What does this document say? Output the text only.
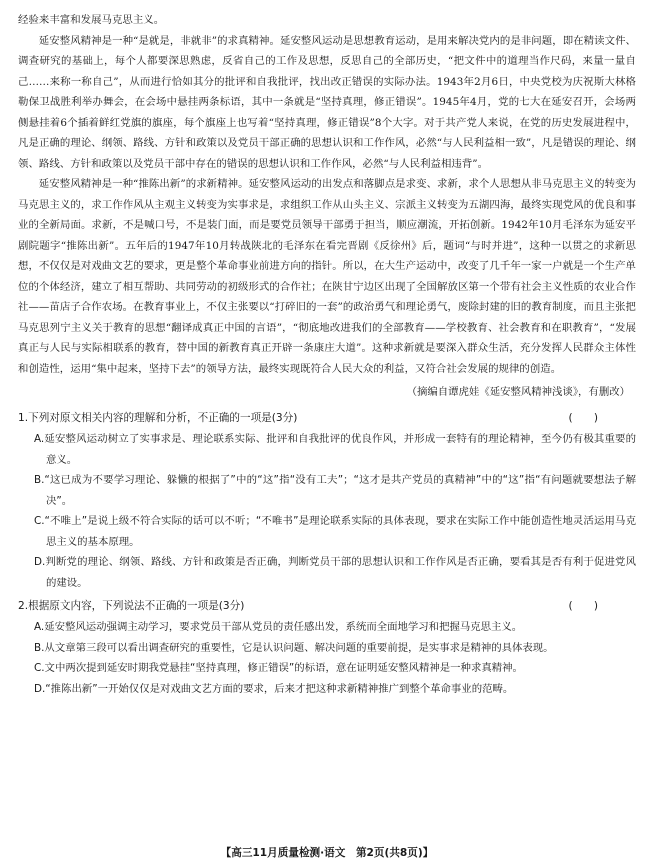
经验来丰富和发展马克思主义。

延安整风精神是一种“是就是，非就非”的求真精神。延安整风运动是思想教育运动，是用来解决党内的是非问题，即在精读文件、调查研究的基础上，每个人都要深思熟虑，反省自己的工作及思想，反思自己的全部历史，“把文件中的道理当作尺码，来量一量自己……来称一称自己”，从而进行恰如其分的批评和自我批评，找出改正错误的实际办法。1943年2月6日，中央党校为庆祝斯大林格勒保卫战胜利举办舞会，在会场中悬挂两条标语，其中一条就是“坚持真理，修正错误”。1945年4月，党的七大在延安召开，会场两侧悬挂着6个插着鲜红党旗的旗座，每个旗座上也写着“坚持真理，修正错误”8个大字。对于共产党人来说，在党的历史发展进程中，凡是正确的理论、纲领、路线、方针和政策以及党员干部正确的思想认识和工作作风，必然“与人民利益相一致”，凡是错误的理论、纲领、路线、方针和政策以及党员干部中存在的错误的思想认识和工作作风，必然“与人民利益相违背”。

延安整风精神是一种“推陈出新”的求新精神。延安整风运动的出发点和落脚点是求变、求新，求个人思想从非马克思主义的转变为马克思主义的，求工作作风从主观主义转变为实事求是，求组织工作从山头主义、宗派主义转变为五湖四海，最终实现党风的优良和事业的全新局面。求新，不是喊口号，不是装门面，而是要党员领导干部勇于担当，顺应潮流，开拓创新。1942年10月毛泽东为延安平剧院题字“推陈出新”。五年后的1947年10月转战陕北的毛泽东在看完晋剧《反徐州》后，题词“与时并进”，这种一以贯之的求新思想，不仅仅是对戏曲文艺的要求，更是整个革命事业前进方向的指针。所以，在大生产运动中，改变了几千年一家一户就是一个生产单位的个体经济，建立了相互帮助、共同劳动的初级形式的合作社；在陕甘宁边区出现了全国解放区第一个带有社会主义性质的农业合作社——苗店子合作农场。在教育事业上，不仅主张要以“打碎旧的一套”的政治勇气和理论勇气，废除封建的旧的教育制度，而且主张把马克思列宁主义关于教育的思想“翻译成真正中国的言语”，“彻底地改进我们的全部教育——学校教育、社会教育和在职教育”，“发展真正与人民与实际相联系的教育，替中国的新教育真正开辟一条康庄大道”。这种求新就是要深入群众生活，充分发挥人民群众主体性和创造性，运用“集中起来，坚持下去”的领导方法，最终实现既符合人民大众的利益，又符合社会发展的规律的创造。

（摘编自谭虎娃《延安整风精神浅谈》，有删改）
1.下列对原文相关内容的理解和分析，不正确的一项是(3分)	(　　)

A.延安整风运动树立了实事求是、理论联系实际、批评和自我批评的优良作风，并形成一套特有的理论精神，至今仍有极其重要的意义。

B.“这已成为不要学习理论、躲懒的根据了”中的“这”指“没有工夫”；“这才是共产党员的真精神”中的“这”指“有问题就要想法子解决”。

C.“不唯上”是说上级不符合实际的话可以不听；“不唯书”是理论联系实际的具体表现，要求在实际工作中能创造性地灵活运用马克思主义的基本原理。

D.判断党的理论、纲领、路线、方针和政策是否正确，判断党员干部的思想认识和工作作风是否正确，要看其是否有利于促进党风的建设。

2.根据原文内容，下列说法不正确的一项是(3分)	(　　)

A.延安整风运动强调主动学习，要求党员干部从党员的责任感出发，系统而全面地学习和把握马克思主义。

B.从文章第三段可以看出调查研究的重要性，它是认识问题、解决问题的重要前提，是实事求是精神的具体表现。

C.文中两次提到延安时期我党悬挂“坚持真理，修正错误”的标语，意在证明延安整风精神是一种求真精神。

D.“推陈出新”一开始仅仅是对戏曲文艺方面的要求，后来才把这种求新精神推广到整个革命事业的范畴。

【高三11月质量检测·语文　第2页(共8页)】
